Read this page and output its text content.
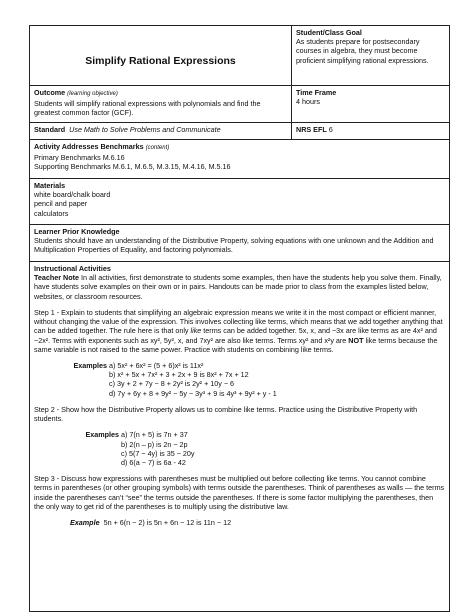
Simplify Rational Expressions
Student/Class Goal

As students prepare for postsecondary courses in algebra, they must become proficient simplifying rational expressions.

Outcome (learning objective)

Students will simplify rational expressions with polynomials and find the greatest common factor (GCF).

Time Frame

4 hours

Standard Use Math to Solve Problems and Communicate	NRS EFL 6
Activity Addresses Benchmarks (content)

Primary Benchmarks M.6.16

Supporting Benchmarks M.6.1, M.6.5, M.3.15, M.4.16, M.5.16

Materials

white board/chalk board

pencil and paper

calculators

Learner Prior Knowledge

Students should have an understanding of the Distributive Property, solving equations with one unknown and the Addition and Multiplication Properties of Equality, and factoring polynomials.

Instructional Activities

Teacher Note In all activities, first demonstrate to students some examples, then have the students help you solve them. Finally, have students solve examples on their own or in pairs. Handouts can be made prior to class from the examples listed below, websites, or classroom resources.

Step 1 - Explain to students that simplifying an algebraic expression means we write it in the most compact or efficient manner, without changing the value of the expression. This involves collecting like terms, which means that we add together anything that can be added together. The rule here is that only like terms can be added together. 5x, x, and −3x are like terms as are 4x² and −2x². Terms with exponents such as xy², 5y², x, and 7xy² are also like terms. Terms xy² and x²y are NOT like terms because the same variable is not raised to the same power. Practice with students on combining like terms.

Examples a) 5x² + 6x² = (5 + 6)x² is 11x²

b) x² + 5x + 7x² + 3 + 2x + 9 is 8x² + 7x + 12

c) 3y + 2 + 7y − 8 + 2y² is 2y² + 10y − 6

d) 7y + 6y + 8 + 9y² − 5y − 3y³ + 9 is 4y³ + 9y² + y - 1

Step 2 - Show how the Distributive Property allows us to combine like terms. Practice using the Distributive Property with students.

Examples a) 7(n + 5) is 7n + 37

b) 2(n – p) is 2n − 2p

c) 5(7 − 4y) is 35 − 20y

d) 6(a − 7) is 6a - 42

Step 3 - Discuss how expressions with parentheses must be multiplied out before collecting like terms. You cannot combine terms in parentheses (or other grouping symbols) with terms outside the parentheses. Think of parentheses as walls — the terms inside the parentheses can’t “see” the terms outside the parentheses. If there is some factor multiplying the parentheses, then the only way to get rid of the parentheses is to multiply using the distributive law.

Example 5n + 6(n − 2) is 5n + 6n − 12 is 11n − 12
